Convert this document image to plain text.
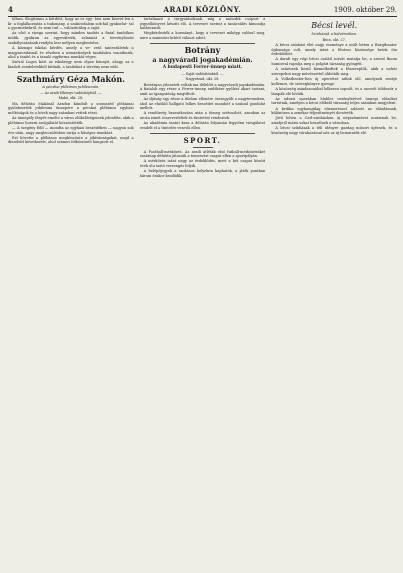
4	ARADI KÖZLÖNY.	1909. október 29.

tiltani, illegitimus a kérdést, hogy az ez egy- ben nem közvet-len a ki- a foglalkoztatás a tudomány, a szakirodalom sok-kal gyakorlat- tal a gyermekekről, és nem tud — valószínűleg a saját.

Az első a vizsga szerint, hogy minden tanítás a fiatal tanítókon múlik, gyakran az egyesületek, valamint a törvényhozás szabályozásának rendjén lesz mélyen megfontolva.

A köznapi iskolai kérdés, amely a ve- zető tantestületek a magyarosításnál és részben a nemzetiségek tanítására vonatkozik, ahol a tanító és a tanuló egyforma munkát végez.

Szóval Lugos közt az iskolaügy nem olyan könnyű, ahogy az a kiadott rendeletekből kitűnik, a tanítókat a törvény nem védi.

Szathmáry Géza Makón.
A pécskai plébános jubileumán.
— Az aradi főkönyv tudósítójától. —
Makó, okt. 28.

Ma délután Makónál Aradon kiindult a szomszéd plébániai gyülekezetek jubileumi ünnepére a pécskai plébános egyházi méltóságok és a hívek nagy számban vettek részt.

Az ünnepély fényét emelte a város előkelőségeinek jelenléte, akik a plébános hosszú szolgálatát köszöntötték.

— A szegény föld — mondta az egyházi beszédében — nagyon sok éve után, nagy megbecsülésben tartja a hűséges munkást.

Ezt követte a plébános megköszönte a jókívánságokat, majd a díszebéd következett, ahol számos felköszöntő hangzott el.

tartalmazó a tárgyalásoknak, míg a második csoport a jegyzőkönyvet készíti elő. A tervezet szerint a tanácsülés kimondja határozatát.

Megkérdezték a kormányt, hogy a tervezet miképp valósul meg, mire a miniszter kitérő választ adott.

Botrány
a nagyváradi jogakadémián.
A budapesti Ferrer-ünnep miatt.
— Saját tudósítónktól. —
Nagyvárad, okt. 28.

Botrányos jelenetek voltak ma délelőtt a nagyváradi jogakadémián. A fiatalok egy része a Ferrer-ünnep emlékére gyűlést akart tartani, amit az igazgatóság megtiltott.

Az ifjúság egy része a tilalom ellenére összegyűlt a nagyteremben, ahol az elnöklő hallgató lelkes beszédet mondott a szabad gondolat mellett.

A rendőrség beavatkozása után a tömeg szétoszlott, azonban az utcán ismét összeverődtek és tüntetést rendeztek.

Az akadémia tanári kara a délután folyamán fegyelmi vizsgálatot rendelt el a tüntetés vezetői ellen.

SPORT.

A Football-mérkőzés. Az aradi atléták első futball-mérkőzésüket vasárnap délután játsszák a temesvári csapat ellen a sportpályán.

A mérkőzés iránt nagy az érdeklődés, mert a két csapat között évek óta tartó versengés folyik.

A belépőjegyek a szokásos helyeken kaphatók, a játék pontban három órakor kezdődik.

Bécsi levél.
Szinházak a balvárosban.
Bécs, okt. 27.

A bécsi színházi élet nagy eseménye a múlt héten a Burgtheater újdonsága volt, amely iránt a főváros közönsége hetek óta érdeklődött.

A darab egy régi bécsi család sorsát mutatja be, a szerző finom humorral rajzolja meg a polgári társaság gyöngéit.

A színészek közül kiemelkedtek a főszereplők, akik a nehéz szerepeket nagy művészettel oldották meg.

A Volkstheater-ben új operettet adtak elő, amelynek zenéje kellemes, de szövegkönyve gyenge.

A közönség mindazonáltal lelkesen tapsolt, és a szerzőt többször a lámpák elé hívták.

Az udvari operában Mahler vezényletével ünnepi előadást tartottak, amelyen a bécsi előkelő társaság teljes számban megjelent.

A kritika egyhangúlag elismeréssel adózott az előadásnak, különösen a zenekar teljesítményét dicsérték.

Jövő héten a Carl-színházban új népszínművet mutatnak be, amelyről máris sokat beszélnek a városban.

A bécsi színházak a téli idényre gazdag műsort ígérnek, és a közönség nagy várakozással néz az új bemutatók elé.
